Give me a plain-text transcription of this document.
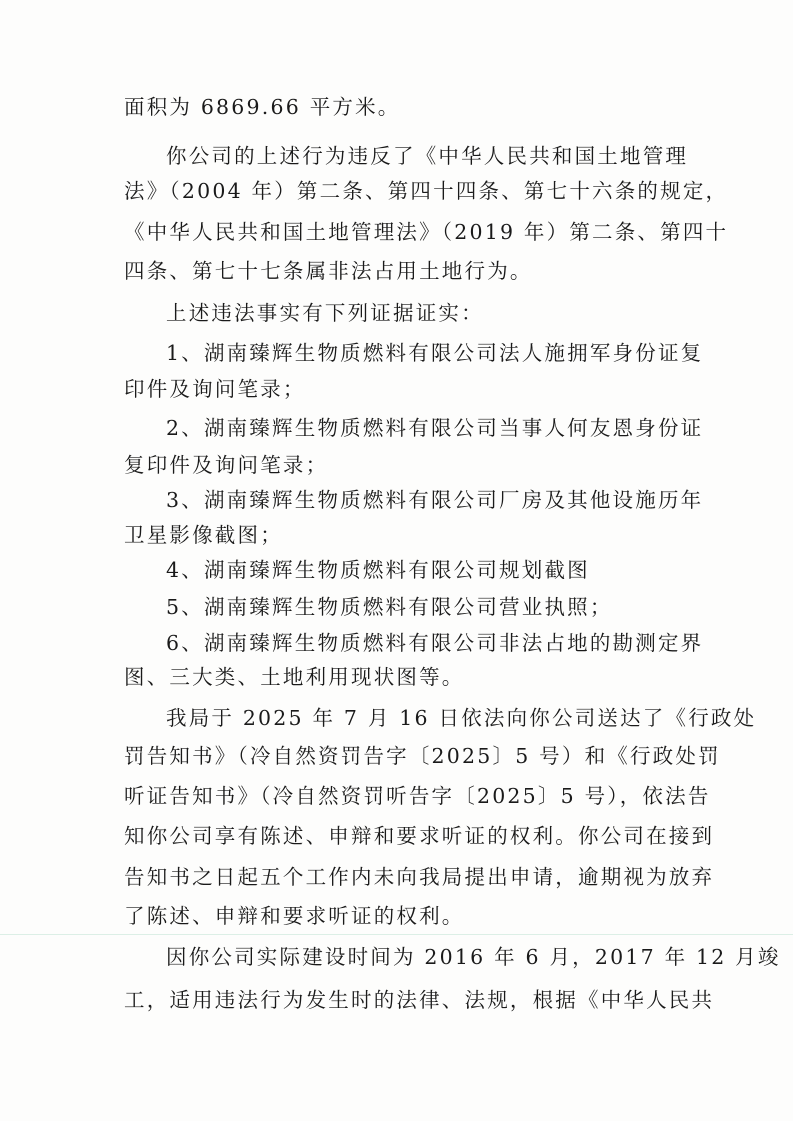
面积为 6869.66 平方米。
你公司的上述行为违反了《中华人民共和国土地管理
法》（2004 年）第二条、第四十四条、第七十六条的规定，
《中华人民共和国土地管理法》（2019 年）第二条、第四十
四条、第七十七条属非法占用土地行为。
上述违法事实有下列证据证实：
1、湖南臻辉生物质燃料有限公司法人施拥军身份证复
印件及询问笔录；
2、湖南臻辉生物质燃料有限公司当事人何友恩身份证
复印件及询问笔录；
3、湖南臻辉生物质燃料有限公司厂房及其他设施历年
卫星影像截图；
4、湖南臻辉生物质燃料有限公司规划截图
5、湖南臻辉生物质燃料有限公司营业执照；
6、湖南臻辉生物质燃料有限公司非法占地的勘测定界
图、三大类、土地利用现状图等。
我局于 2025 年 7 月 16 日依法向你公司送达了《行政处
罚告知书》（冷自然资罚告字〔2025〕5 号）和《行政处罚
听证告知书》（冷自然资罚听告字〔2025〕5 号），依法告
知你公司享有陈述、申辩和要求听证的权利。你公司在接到
告知书之日起五个工作内未向我局提出申请，逾期视为放弃
了陈述、申辩和要求听证的权利。
因你公司实际建设时间为 2016 年 6 月，2017 年 12 月竣
工，适用违法行为发生时的法律、法规，根据《中华人民共
